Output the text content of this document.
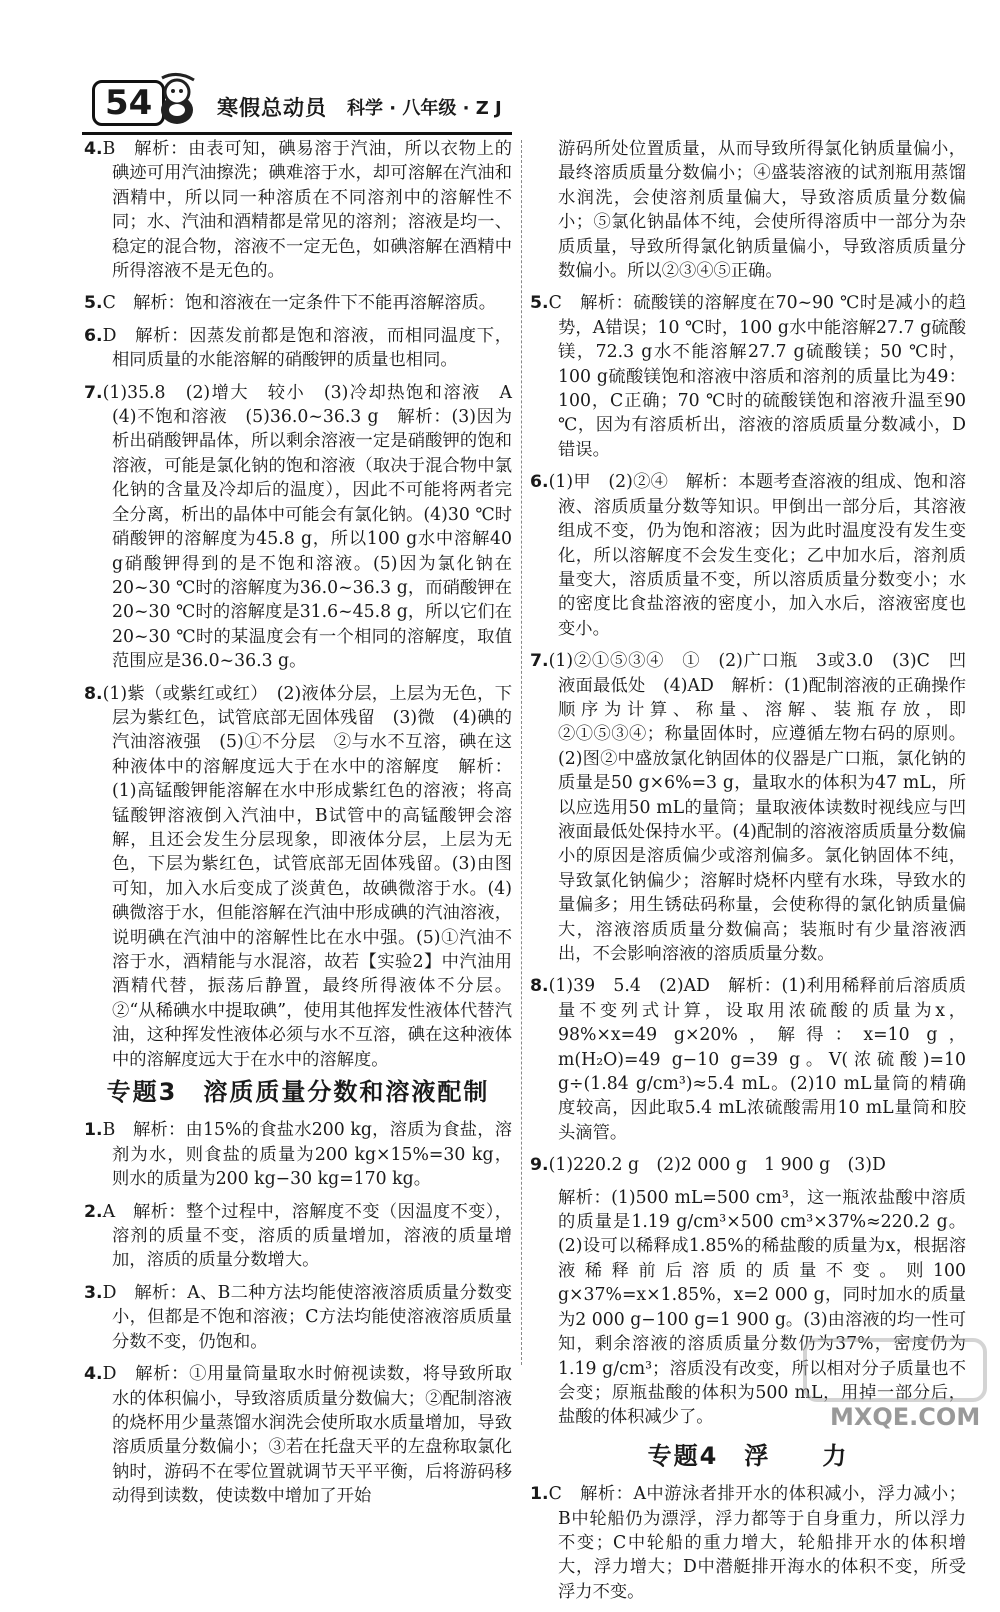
54	寒假总动员 科学 · 八年级 · Z J
4.B　解析：由表可知，碘易溶于汽油，所以衣物上的碘迹可用汽油擦洗；碘难溶于水，却可溶解在汽油和酒精中，所以同一种溶质在不同溶剂中的溶解性不同；水、汽油和酒精都是常见的溶剂；溶液是均一、稳定的混合物，溶液不一定无色，如碘溶解在酒精中所得溶液不是无色的。
5.C　解析：饱和溶液在一定条件下不能再溶解溶质。
6.D　解析：因蒸发前都是饱和溶液，而相同温度下，相同质量的水能溶解的硝酸钾的质量也相同。
7.(1)35.8　(2)增大　较小　(3)冷却热饱和溶液　A　(4)不饱和溶液　(5)36.0~36.3 g　解析：(3)因为析出硝酸钾晶体，所以剩余溶液一定是硝酸钾的饱和溶液，可能是氯化钠的饱和溶液（取决于混合物中氯化钠的含量及冷却后的温度），因此不可能将两者完全分离，析出的晶体中可能会有氯化钠。(4)30 ℃时硝酸钾的溶解度为45.8 g，所以100 g水中溶解40 g硝酸钾得到的是不饱和溶液。(5)因为氯化钠在20~30 ℃时的溶解度为36.0~36.3 g，而硝酸钾在20~30 ℃时的溶解度是31.6~45.8 g，所以它们在20~30 ℃时的某温度会有一个相同的溶解度，取值范围应是36.0~36.3 g。
8.(1)紫（或紫红或红）　(2)液体分层，上层为无色，下层为紫红色，试管底部无固体残留　(3)微　(4)碘的汽油溶液强　(5)①不分层　②与水不互溶，碘在这种液体中的溶解度远大于在水中的溶解度　解析：(1)高锰酸钾能溶解在水中形成紫红色的溶液；将高锰酸钾溶液倒入汽油中，B试管中的高锰酸钾会溶解，且还会发生分层现象，即液体分层，上层为无色，下层为紫红色，试管底部无固体残留。(3)由图可知，加入水后变成了淡黄色，故碘微溶于水。(4)碘微溶于水，但能溶解在汽油中形成碘的汽油溶液，说明碘在汽油中的溶解性比在水中强。(5)①汽油不溶于水，酒精能与水混溶，故若【实验2】中汽油用酒精代替，振荡后静置，最终所得液体不分层。②“从稀碘水中提取碘”，使用其他挥发性液体代替汽油，这种挥发性液体必须与水不互溶，碘在这种液体中的溶解度远大于在水中的溶解度。
专题3　溶质质量分数和溶液配制
1.B　解析：由15%的食盐水200 kg，溶质为食盐，溶剂为水，则食盐的质量为200 kg×15%=30 kg，则水的质量为200 kg−30 kg=170 kg。
2.A　解析：整个过程中，溶解度不变（因温度不变），溶剂的质量不变，溶质的质量增加，溶液的质量增加，溶质的质量分数增大。
3.D　解析：A、B二种方法均能使溶液溶质质量分数变小，但都是不饱和溶液；C方法均能使溶液溶质质量分数不变，仍饱和。
4.D　解析：①用量筒量取水时俯视读数，将导致所取水的体积偏小，导致溶质质量分数偏大；②配制溶液的烧杯用少量蒸馏水润洗会使所取水质量增加，导致溶质质量分数偏小；③若在托盘天平的左盘称取氯化钠时，游码不在零位置就调节天平平衡，后将游码移动得到读数，使读数中增加了开始
游码所处位置质量，从而导致所得氯化钠质量偏小，最终溶质质量分数偏小；④盛装溶液的试剂瓶用蒸馏水润洗，会使溶剂质量偏大，导致溶质质量分数偏小；⑤氯化钠晶体不纯，会使所得溶质中一部分为杂质质量，导致所得氯化钠质量偏小，导致溶质质量分数偏小。所以②③④⑤正确。
5.C　解析：硫酸镁的溶解度在70~90 ℃时是减小的趋势，A错误；10 ℃时，100 g水中能溶解27.7 g硫酸镁，72.3 g水不能溶解27.7 g硫酸镁；50 ℃时，100 g硫酸镁饱和溶液中溶质和溶剂的质量比为49：100，C正确；70 ℃时的硫酸镁饱和溶液升温至90 ℃，因为有溶质析出，溶液的溶质质量分数减小，D错误。
6.(1)甲　(2)②④　解析：本题考查溶液的组成、饱和溶液、溶质质量分数等知识。甲倒出一部分后，其溶液组成不变，仍为饱和溶液；因为此时温度没有发生变化，所以溶解度不会发生变化；乙中加水后，溶剂质量变大，溶质质量不变，所以溶质质量分数变小；水的密度比食盐溶液的密度小，加入水后，溶液密度也变小。
7.(1)②①⑤③④　①　(2)广口瓶　3或3.0　(3)C　凹液面最低处　(4)AD　解析：(1)配制溶液的正确操作顺序为计算、称量、溶解、装瓶存放，即②①⑤③④；称量固体时，应遵循左物右码的原则。(2)图②中盛放氯化钠固体的仪器是广口瓶，氯化钠的质量是50 g×6%=3 g，量取水的体积为47 mL，所以应选用50 mL的量筒；量取液体读数时视线应与凹液面最低处保持水平。(4)配制的溶液溶质质量分数偏小的原因是溶质偏少或溶剂偏多。氯化钠固体不纯，导致氯化钠偏少；溶解时烧杯内壁有水珠，导致水的量偏多；用生锈砝码称量，会使称得的氯化钠质量偏大，溶液溶质质量分数偏高；装瓶时有少量溶液洒出，不会影响溶液的溶质质量分数。
8.(1)39　5.4　(2)AD　解析：(1)利用稀释前后溶质质量不变列式计算，设取用浓硫酸的质量为x，98%×x=49 g×20%，解得：x=10 g，m(H₂O)=49 g−10 g=39 g。V(浓硫酸)=10 g÷(1.84 g/cm³)≈5.4 mL。(2)10 mL量筒的精确度较高，因此取5.4 mL浓硫酸需用10 mL量筒和胶头滴管。
9.(1)220.2 g　(2)2 000 g　1 900 g　(3)D
解析：(1)500 mL=500 cm³，这一瓶浓盐酸中溶质的质量是1.19 g/cm³×500 cm³×37%≈220.2 g。(2)设可以稀释成1.85%的稀盐酸的质量为x，根据溶液稀释前后溶质的质量不变。则100 g×37%=x×1.85%，x=2 000 g，同时加水的质量为2 000 g−100 g=1 900 g。(3)由溶液的均一性可知，剩余溶液的溶质质量分数仍为37%，密度仍为1.19 g/cm³；溶质没有改变，所以相对分子质量也不会变；原瓶盐酸的体积为500 mL，用掉一部分后，盐酸的体积减少了。
专题4　浮　　力
1.C　解析：A中游泳者排开水的体积减小，浮力减小；B中轮船仍为漂浮，浮力都等于自身重力，所以浮力不变；C中轮船的重力增大，轮船排开水的体积增大，浮力增大；D中潜艇排开海水的体积不变，所受浮力不变。
MXQE.COM
